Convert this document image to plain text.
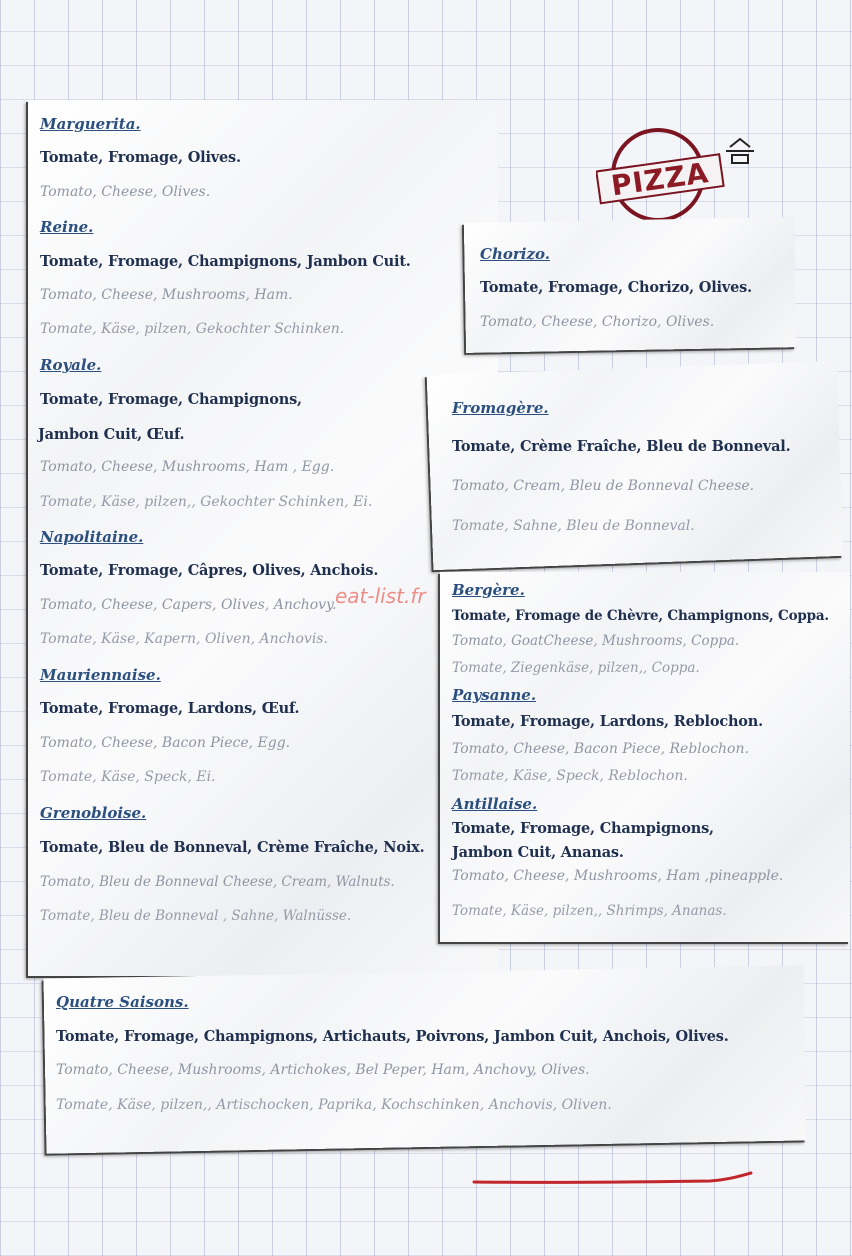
Marguerita.

Tomate, Fromage, Olives.

Tomato, Cheese, Olives.

Reine.

Tomate, Fromage, Champignons, Jambon Cuit.

Tomato, Cheese, Mushrooms, Ham.

Tomate, Käse, pilzen, Gekochter Schinken.

Royale.

Tomate, Fromage, Champignons,

Jambon Cuit, Œuf.

Tomato, Cheese, Mushrooms, Ham , Egg.

Tomate, Käse, pilzen,, Gekochter Schinken, Ei.

Napolitaine.

Tomate, Fromage, Câpres, Olives, Anchois.

Tomato, Cheese, Capers, Olives, Anchovy.

Tomate, Käse, Kapern, Oliven, Anchovis.

Mauriennaise.

Tomate, Fromage, Lardons, Œuf.

Tomato, Cheese, Bacon Piece, Egg.

Tomate, Käse, Speck, Ei.

Grenobloise.

Tomate, Bleu de Bonneval, Crème Fraîche, Noix.

Tomato, Bleu de Bonneval Cheese, Cream, Walnuts.

Tomate, Bleu de Bonneval , Sahne, Walnüsse.

PIZZA

Chorizo.

Tomate, Fromage, Chorizo, Olives.

Tomato, Cheese, Chorizo, Olives.

Fromagère.

Tomate, Crème Fraîche, Bleu de Bonneval.

Tomato, Cream, Bleu de Bonneval Cheese.

Tomate, Sahne, Bleu de Bonneval.

Bergère.

Tomate, Fromage de Chèvre, Champignons, Coppa.

Tomato, GoatCheese, Mushrooms, Coppa.

Tomate, Ziegenkäse, pilzen,, Coppa.

Paysanne.

Tomate, Fromage, Lardons, Reblochon.

Tomato, Cheese, Bacon Piece, Reblochon.

Tomate, Käse, Speck, Reblochon.

Antillaise.

Tomate, Fromage, Champignons,

Jambon Cuit, Ananas.

Tomato, Cheese, Mushrooms, Ham ,pineapple.

Tomate, Käse, pilzen,, Shrimps, Ananas.

Quatre Saisons.

Tomate, Fromage, Champignons, Artichauts, Poivrons, Jambon Cuit, Anchois, Olives.

Tomato, Cheese, Mushrooms, Artichokes, Bel Peper, Ham, Anchovy, Olives.

Tomate, Käse, pilzen,, Artischocken, Paprika, Kochschinken, Anchovis, Oliven.

eat-list.fr
